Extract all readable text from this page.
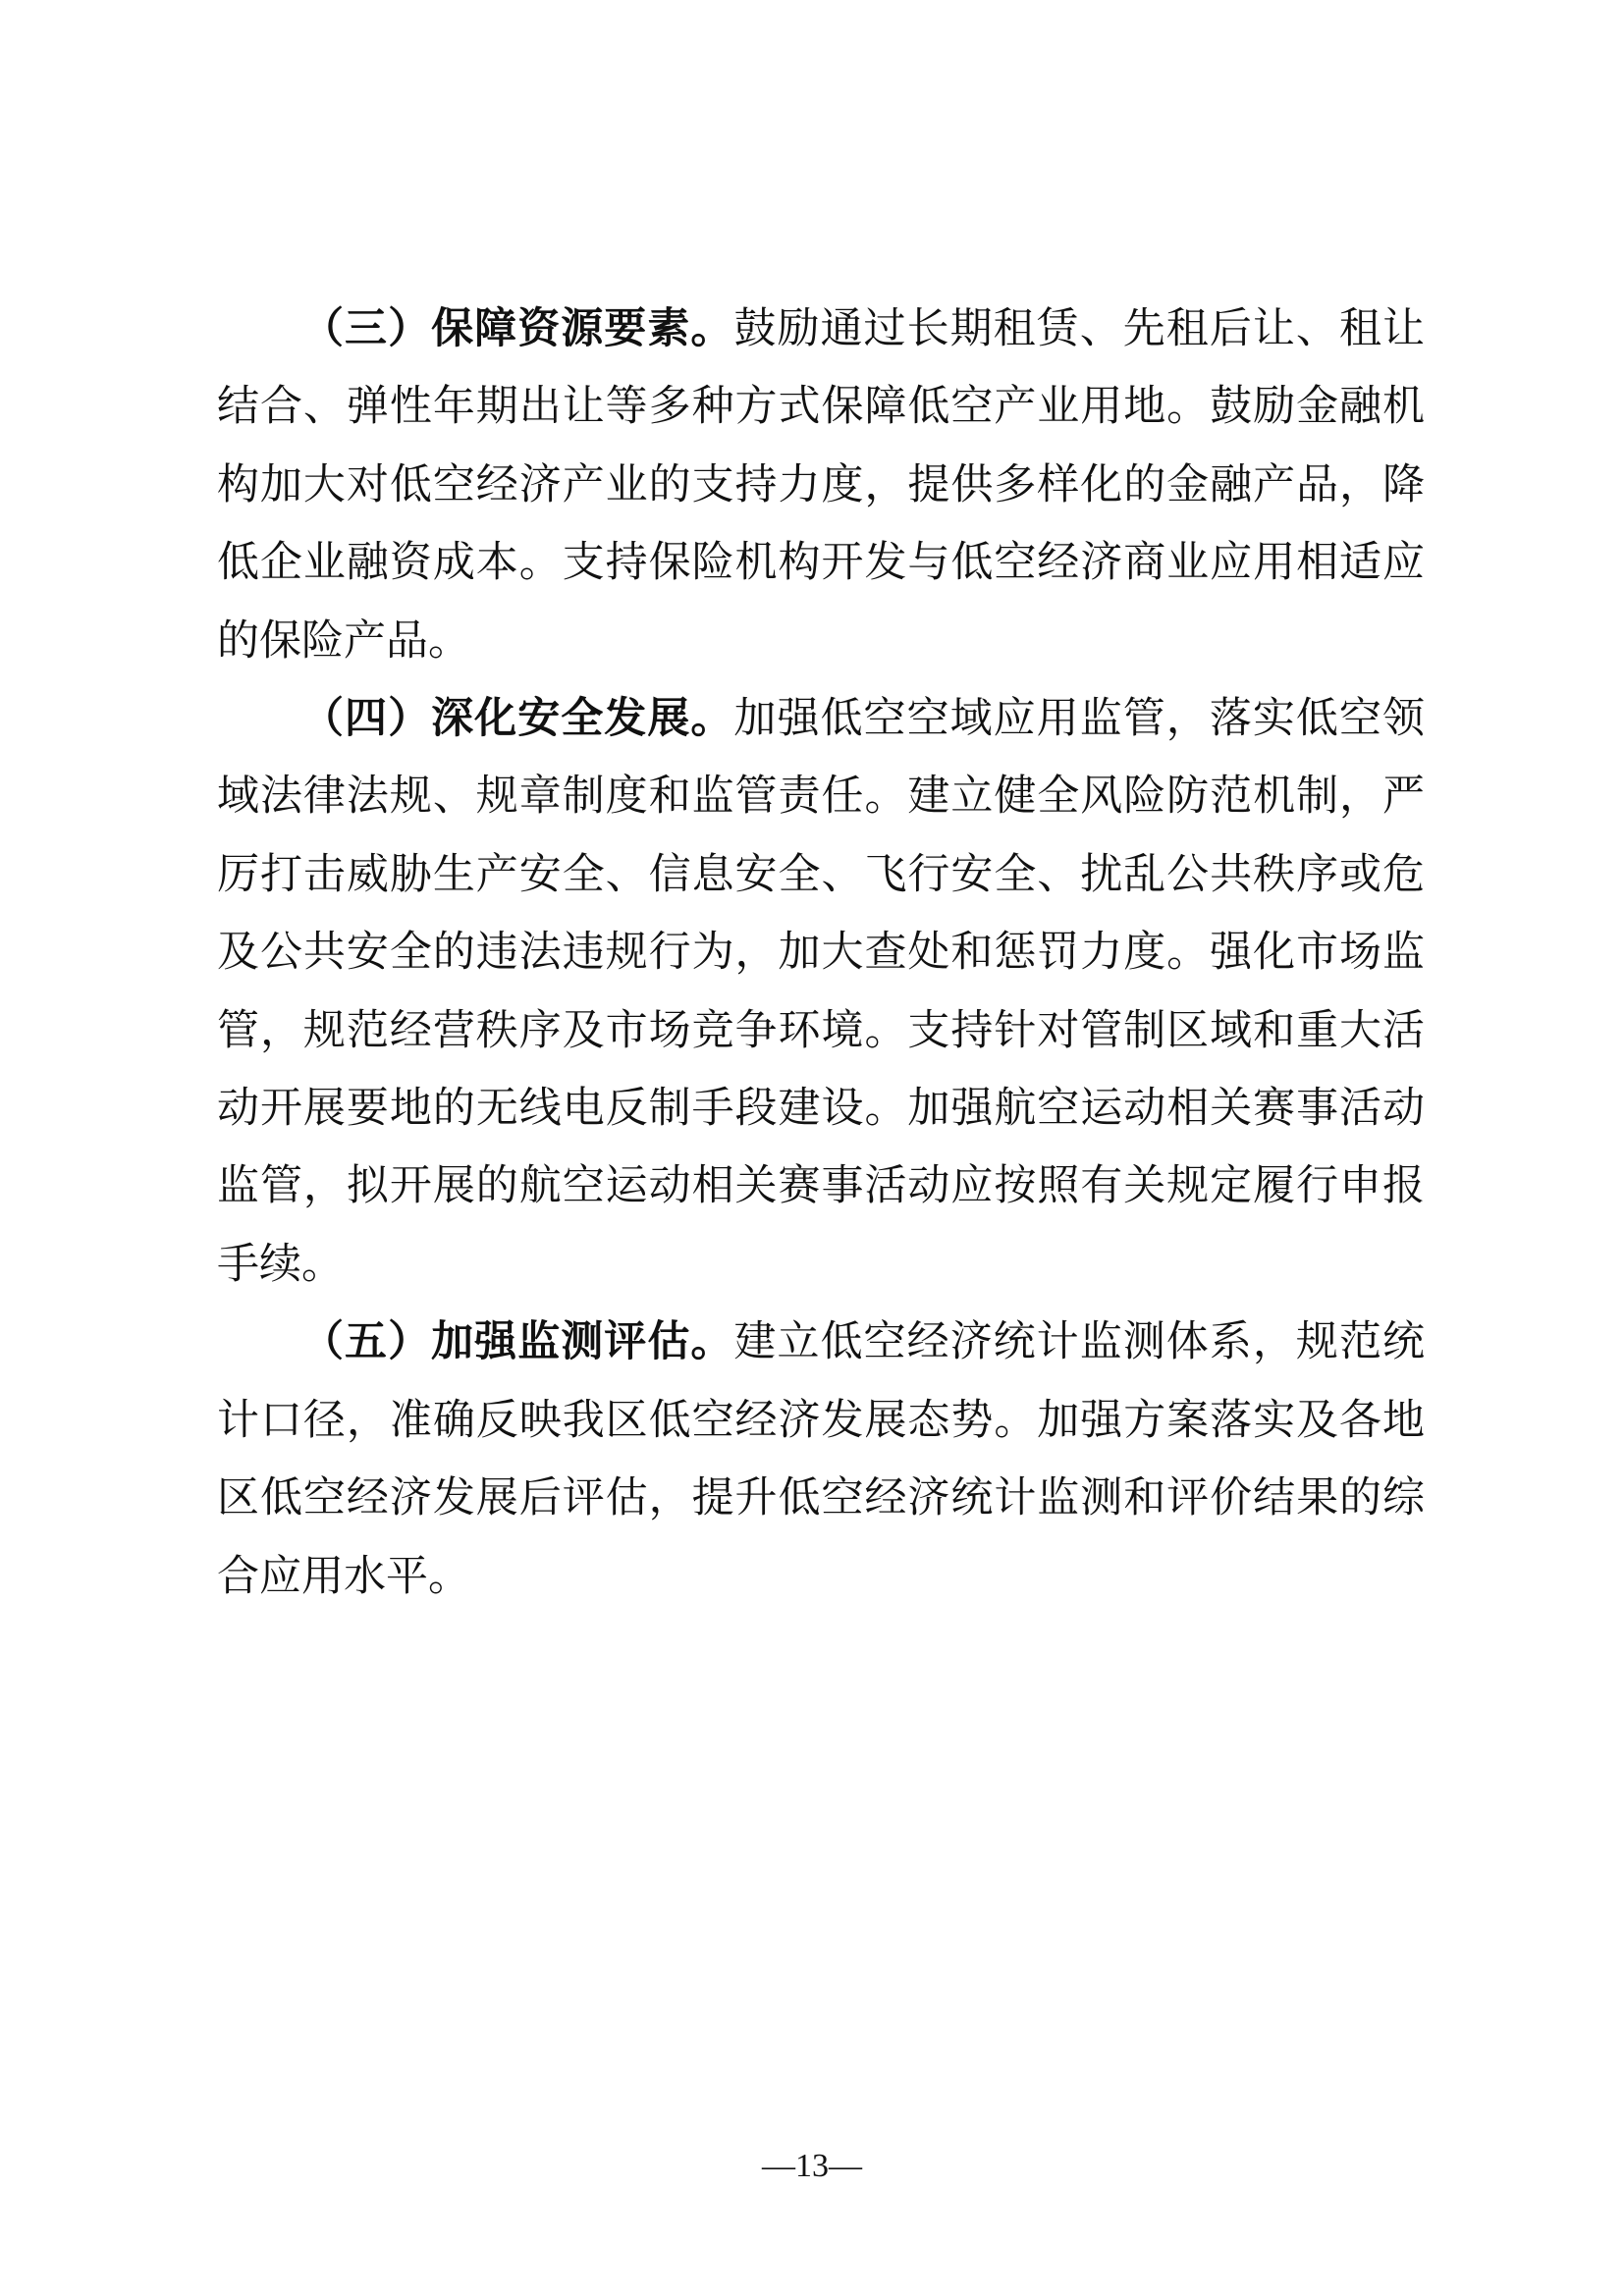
（三）保障资源要素。鼓励通过长期租赁、先租后让、租让结合、弹性年期出让等多种方式保障低空产业用地。鼓励金融机构加大对低空经济产业的支持力度，提供多样化的金融产品，降低企业融资成本。支持保险机构开发与低空经济商业应用相适应的保险产品。

（四）深化安全发展。加强低空空域应用监管，落实低空领域法律法规、规章制度和监管责任。建立健全风险防范机制，严厉打击威胁生产安全、信息安全、飞行安全、扰乱公共秩序或危及公共安全的违法违规行为，加大查处和惩罚力度。强化市场监管，规范经营秩序及市场竞争环境。支持针对管制区域和重大活动开展要地的无线电反制手段建设。加强航空运动相关赛事活动监管，拟开展的航空运动相关赛事活动应按照有关规定履行申报手续。

（五）加强监测评估。建立低空经济统计监测体系，规范统计口径，准确反映我区低空经济发展态势。加强方案落实及各地区低空经济发展后评估，提升低空经济统计监测和评价结果的综合应用水平。

—13—
